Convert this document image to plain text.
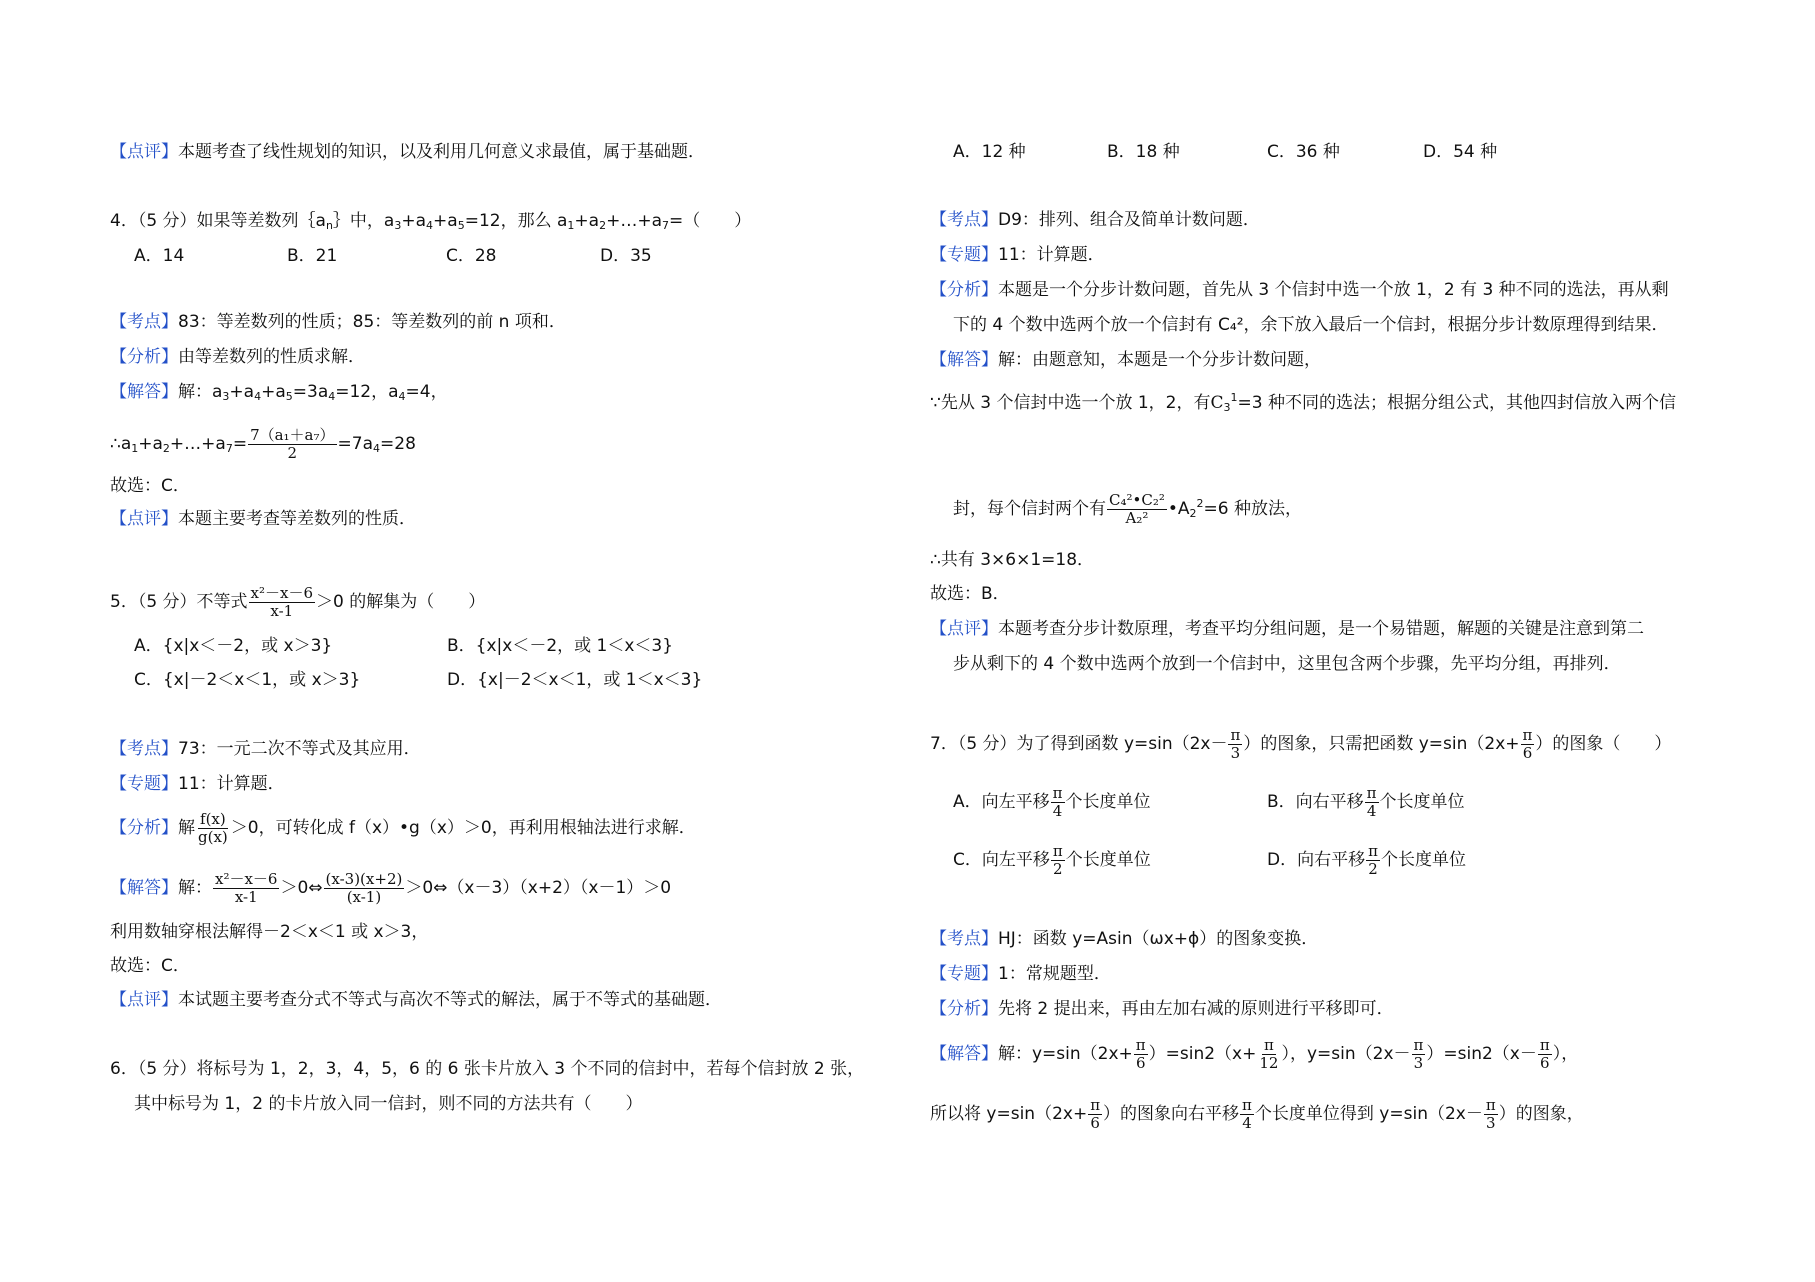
【点评】本题考查了线性规划的知识，以及利用几何意义求最值，属于基础题．
4．（5 分）如果等差数列$\{a_n\}$中，$a_3+a_4+a_5=12$，那么 $a_1+a_2+\dots+a_7=$（　　）
A．14	B．21	C．28	D．35
【考点】83：等差数列的性质；85：等差数列的前 n 项和．
【分析】由等差数列的性质求解．
【解答】解：$a_3+a_4+a_5=3a_4=12$，$a_4=4$，
$\therefore a_1+a_2+\dots+a_7= \frac{\text{7（a₁＋a₇）}}{2} =7a_4=28$
故选：C．
【点评】本题主要考查等差数列的性质．
5．（5 分）不等式 $\frac{\text{x²－x－6}}{x-1} >0$ 的解集为（　　）
A．{x|x＜－2，或 x＞3}	B．{x|x＜－2，或 1＜x＜3}
C．{x|－2＜x＜1，或 x＞3}	D．{x|－2＜x＜1，或 1＜x＜3}
【考点】73：一元二次不等式及其应用．
【专题】11：计算题．
【分析】解 $\frac{f(x)}{g(x)} >0$，可转化成 f（x）•g（x）＞0，再利用根轴法进行求解．
【解答】解： $\frac{\text{x²－x－6}}{x-1}$ ＞0⇔ $\frac{(x-3)(x+2)}{(x-1)}$ ＞0⇔（x－3）（x+2）（x－1）＞0
利用数轴穿根法解得－2＜x＜1 或 x＞3，
故选：C．
【点评】本试题主要考查分式不等式与高次不等式的解法，属于不等式的基础题．
6．（5 分）将标号为 1，2，3，4，5，6 的 6 张卡片放入 3 个不同的信封中，若每个信封放 2 张，
其中标号为 1，2 的卡片放入同一信封，则不同的方法共有（　　）
A．12 种	B．18 种	C．36 种	D．54 种
【考点】D9：排列、组合及简单计数问题．
【专题】11：计算题．
【分析】本题是一个分步计数问题，首先从 3 个信封中选一个放 1，2 有 3 种不同的选法，再从剩
下的 4 个数中选两个放一个信封有 C₄²，余下放入最后一个信封，根据分步计数原理得到结果．
【解答】解：由题意知，本题是一个分步计数问题，
∵先从 3 个信封中选一个放 1，2，有$C_3^1=3$ 种不同的选法；根据分组公式，其他四封信放入两个信
封，每个信封两个有 $\frac{\text{C₄²•C₂²}}{\text{A₂²}}$ $•A_2^2=6$ 种放法，
∴共有 3×6×1=18．
故选：B．
【点评】本题考查分步计数原理，考查平均分组问题，是一个易错题，解题的关键是注意到第二
步从剩下的 4 个数中选两个放到一个信封中，这里包含两个步骤，先平均分组，再排列．
7．（5 分）为了得到函数 $y=\sin(2x- \frac{\pi}{3}$ ）的图象，只需把函数 $y=\sin(2x+ \frac{\pi}{6}$ ）的图象（　　）
A．向左平移 $\frac{\pi}{4}$ 个长度单位	B．向右平移 $\frac{\pi}{4}$ 个长度单位
C．向左平移 $\frac{\pi}{2}$ 个长度单位	D．向右平移 $\frac{\pi}{2}$ 个长度单位
【考点】HJ：函数 y=Asin（ωx+ϕ）的图象变换．
【专题】1：常规题型．
【分析】先将 2 提出来，再由左加右减的原则进行平移即可．
【解答】解：$y=\sin(2x+ \frac{\pi}{6} )=\sin 2(x+ \frac{\pi}{12}$ ），$y=\sin(2x- \frac{\pi}{3} )=\sin 2(x- \frac{\pi}{6}$ ），
所以将 $y=\sin(2x+ \frac{\pi}{6}$ ）的图象向右平移 $\frac{\pi}{4}$ 个长度单位得到 $y=\sin(2x- \frac{\pi}{3}$ ）的图象，
